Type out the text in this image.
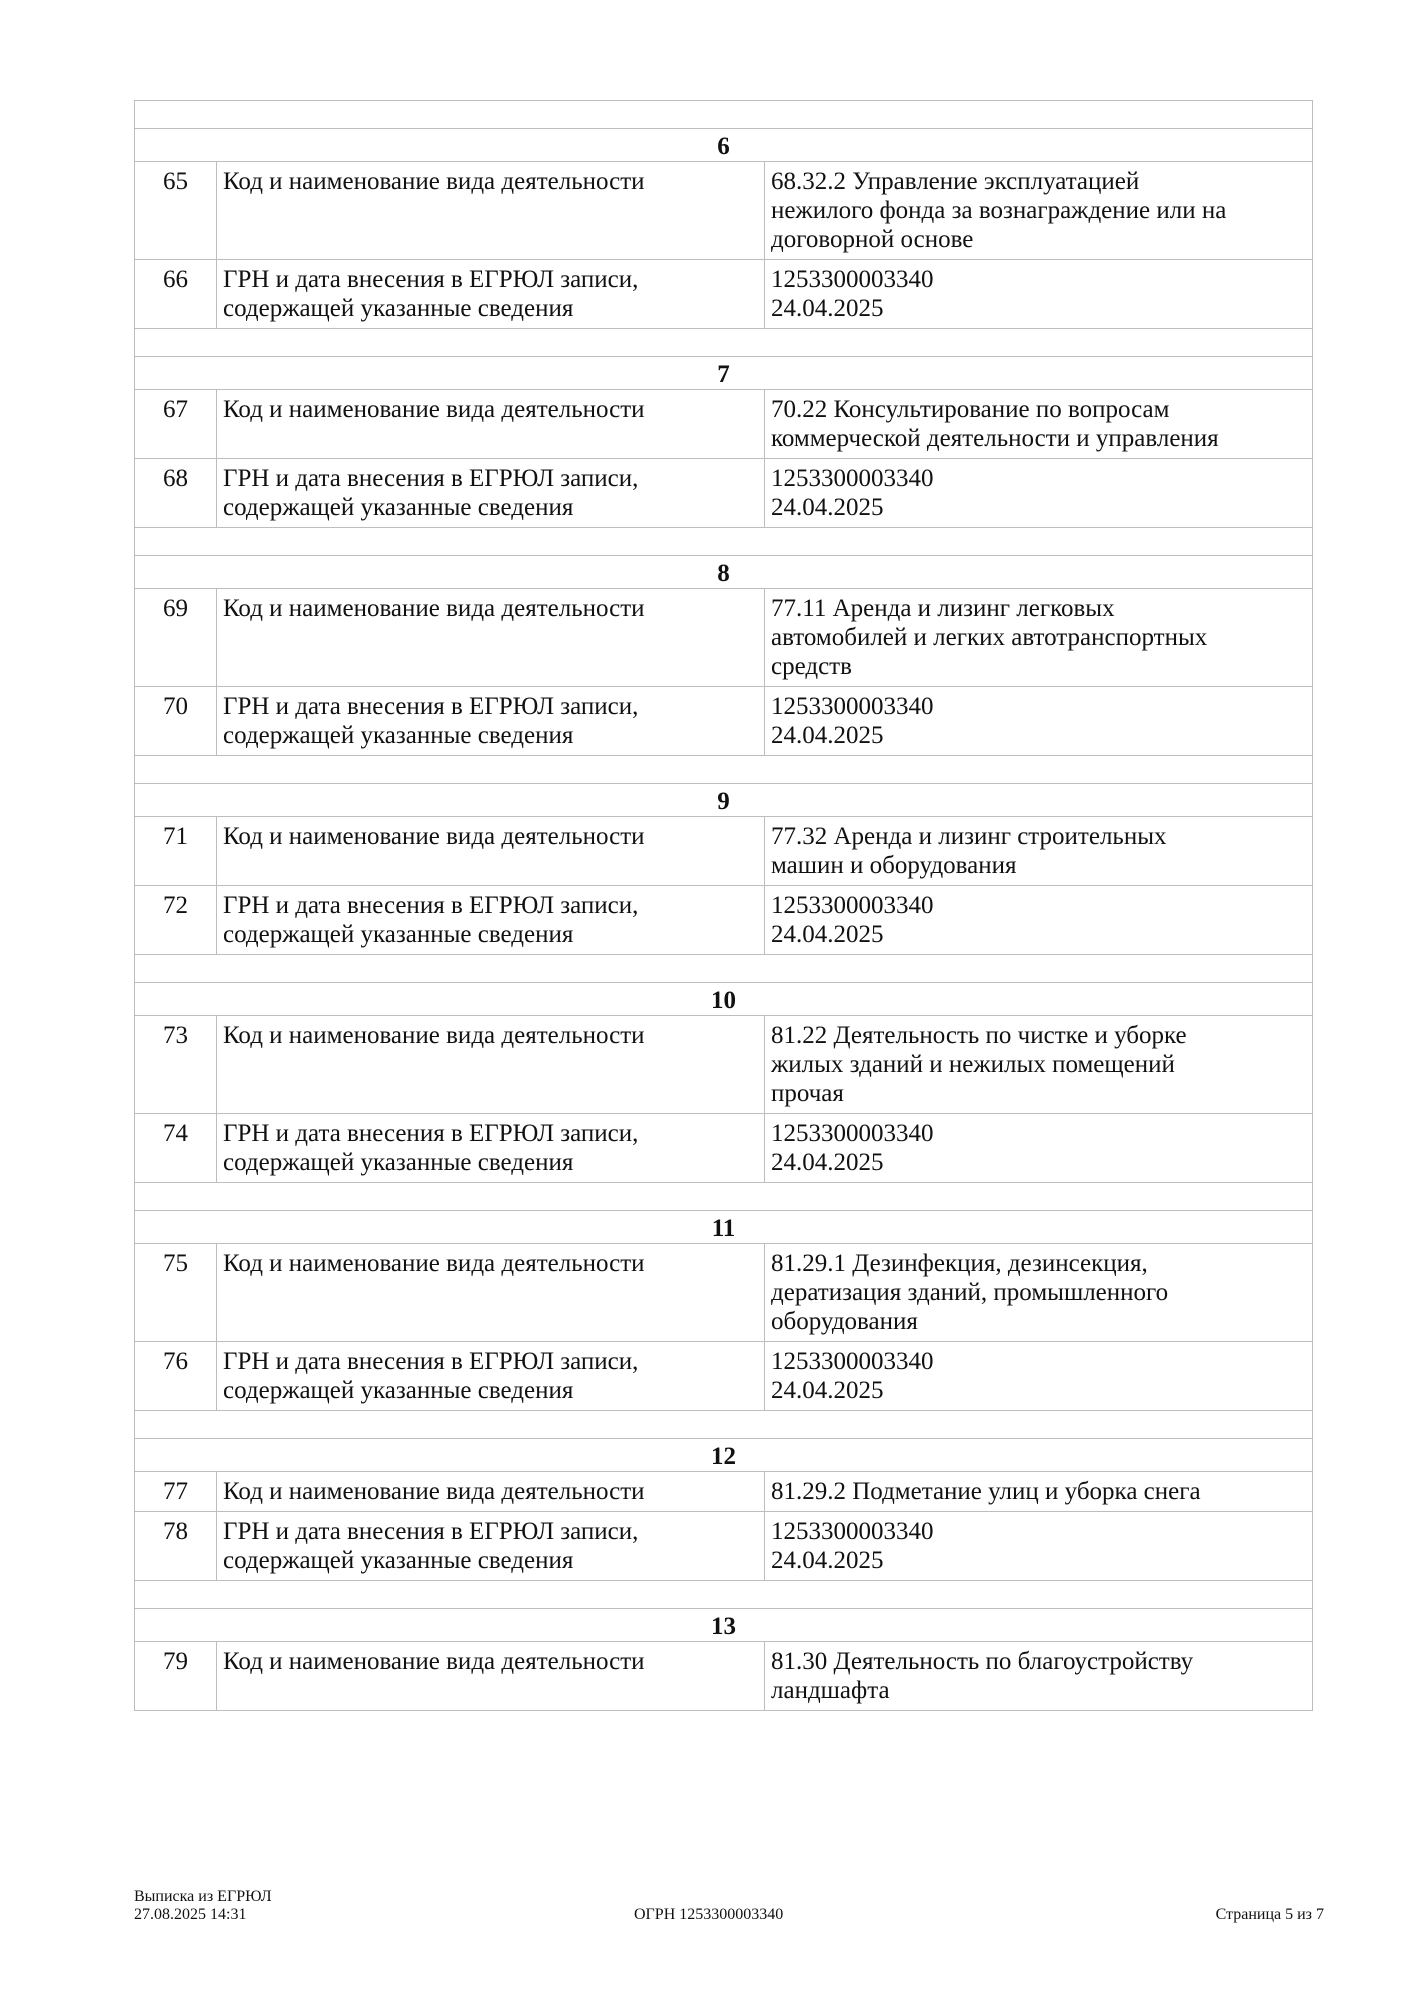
6		
65	Код и наименование вида деятельности	68.32.2 Управление эксплуатацией
нежилого фонда за вознаграждение или на
договорной основе

66	ГРН и дата внесения в ЕГРЮЛ записи,
содержащей указанные сведения	1253300003340
24.04.2025

7		
67	Код и наименование вида деятельности	70.22 Консультирование по вопросам
коммерческой деятельности и управления

68	ГРН и дата внесения в ЕГРЮЛ записи,
содержащей указанные сведения	1253300003340
24.04.2025

8		
69	Код и наименование вида деятельности	77.11 Аренда и лизинг легковых
автомобилей и легких автотранспортных
средств

70	ГРН и дата внесения в ЕГРЮЛ записи,
содержащей указанные сведения	1253300003340
24.04.2025

9		
71	Код и наименование вида деятельности	77.32 Аренда и лизинг строительных
машин и оборудования

72	ГРН и дата внесения в ЕГРЮЛ записи,
содержащей указанные сведения	1253300003340
24.04.2025

10		
73	Код и наименование вида деятельности	81.22 Деятельность по чистке и уборке
жилых зданий и нежилых помещений
прочая

74	ГРН и дата внесения в ЕГРЮЛ записи,
содержащей указанные сведения	1253300003340
24.04.2025

11		
75	Код и наименование вида деятельности	81.29.1 Дезинфекция, дезинсекция,
дератизация зданий, промышленного
оборудования

76	ГРН и дата внесения в ЕГРЮЛ записи,
содержащей указанные сведения	1253300003340
24.04.2025

12		
77	Код и наименование вида деятельности	81.29.2 Подметание улиц и уборка снега

78	ГРН и дата внесения в ЕГРЮЛ записи,
содержащей указанные сведения	1253300003340
24.04.2025

13		
79	Код и наименование вида деятельности	81.30 Деятельность по благоустройству
ландшафта
Выписка из ЕГРЮЛ
27.08.2025 14:31	ОГРН 1253300003340	Страница 5 из 7
